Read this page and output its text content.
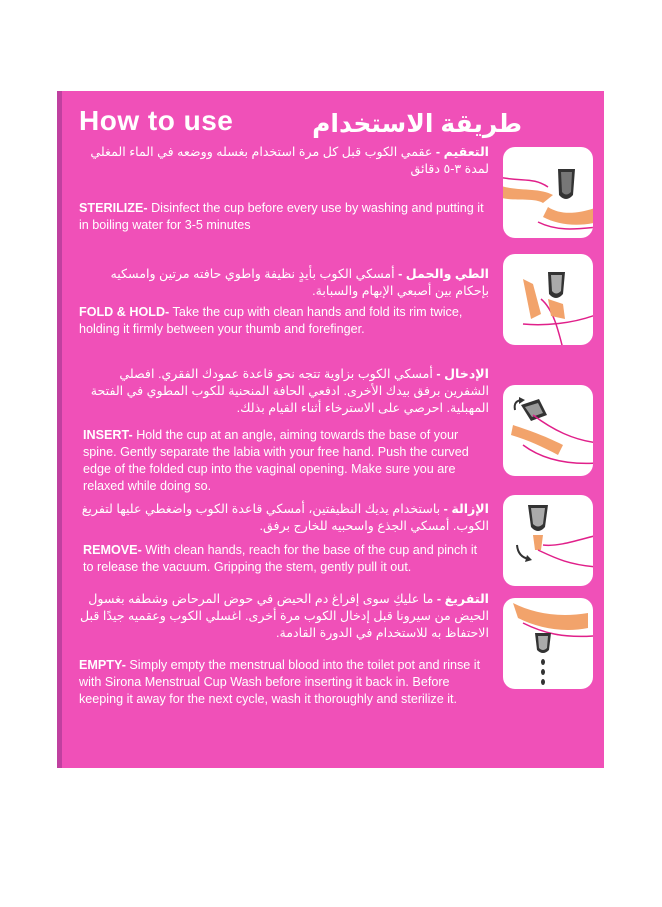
How to use	طريقة الاستخدام
التعقيم - عقمي الكوب قبل كل مرة استخدام بغسله ووضعه في الماء المغلي لمدة ٣-٥ دقائق
STERILIZE- Disinfect the cup before every use by washing and putting it in boiling water for 3-5 minutes
الطي والحمل - أمسكي الكوب بأيدٍ نظيفة واطوي حافته مرتين وامسكيه بإحكام بين أصبعي الإبهام والسبابة.
FOLD & HOLD- Take the cup with clean hands and fold its rim twice, holding it firmly between your thumb and forefinger.
الإدخال - أمسكي الكوب بزاوية تتجه نحو قاعدة عمودك الفقري. افصلي الشفرين برفق بيدك الأخرى. ادفعي الحافة المنحنية للكوب المطوي في الفتحة المهبلية. احرصي على الاسترخاء أثناء القيام بذلك.
INSERT- Hold the cup at an angle, aiming towards the base of your spine. Gently separate the labia with your free hand. Push the curved edge of the folded cup into the vaginal opening. Make sure you are relaxed while doing so.
الإزالة - باستخدام يديك النظيفتين، أمسكي قاعدة الكوب واضغطي عليها لتفريغ الكوب. أمسكي الجذع واسحبيه للخارج برفق.
REMOVE- With clean hands, reach for the base of the cup and pinch it to release the vacuum. Gripping the stem, gently pull it out.
التفريغ - ما عليكِ سوى إفراغ دم الحيض في حوض المرحاض وشطفه بغسول الحيض من سيرونا قبل إدخال الكوب مرة أخرى. اغسلي الكوب وعقميه جيدًا قبل الاحتفاظ به للاستخدام في الدورة القادمة.
EMPTY- Simply empty the menstrual blood into the toilet pot and rinse it with Sirona Menstrual Cup Wash before inserting it back in. Before keeping it away for the next cycle, wash it thoroughly and sterilize it.
